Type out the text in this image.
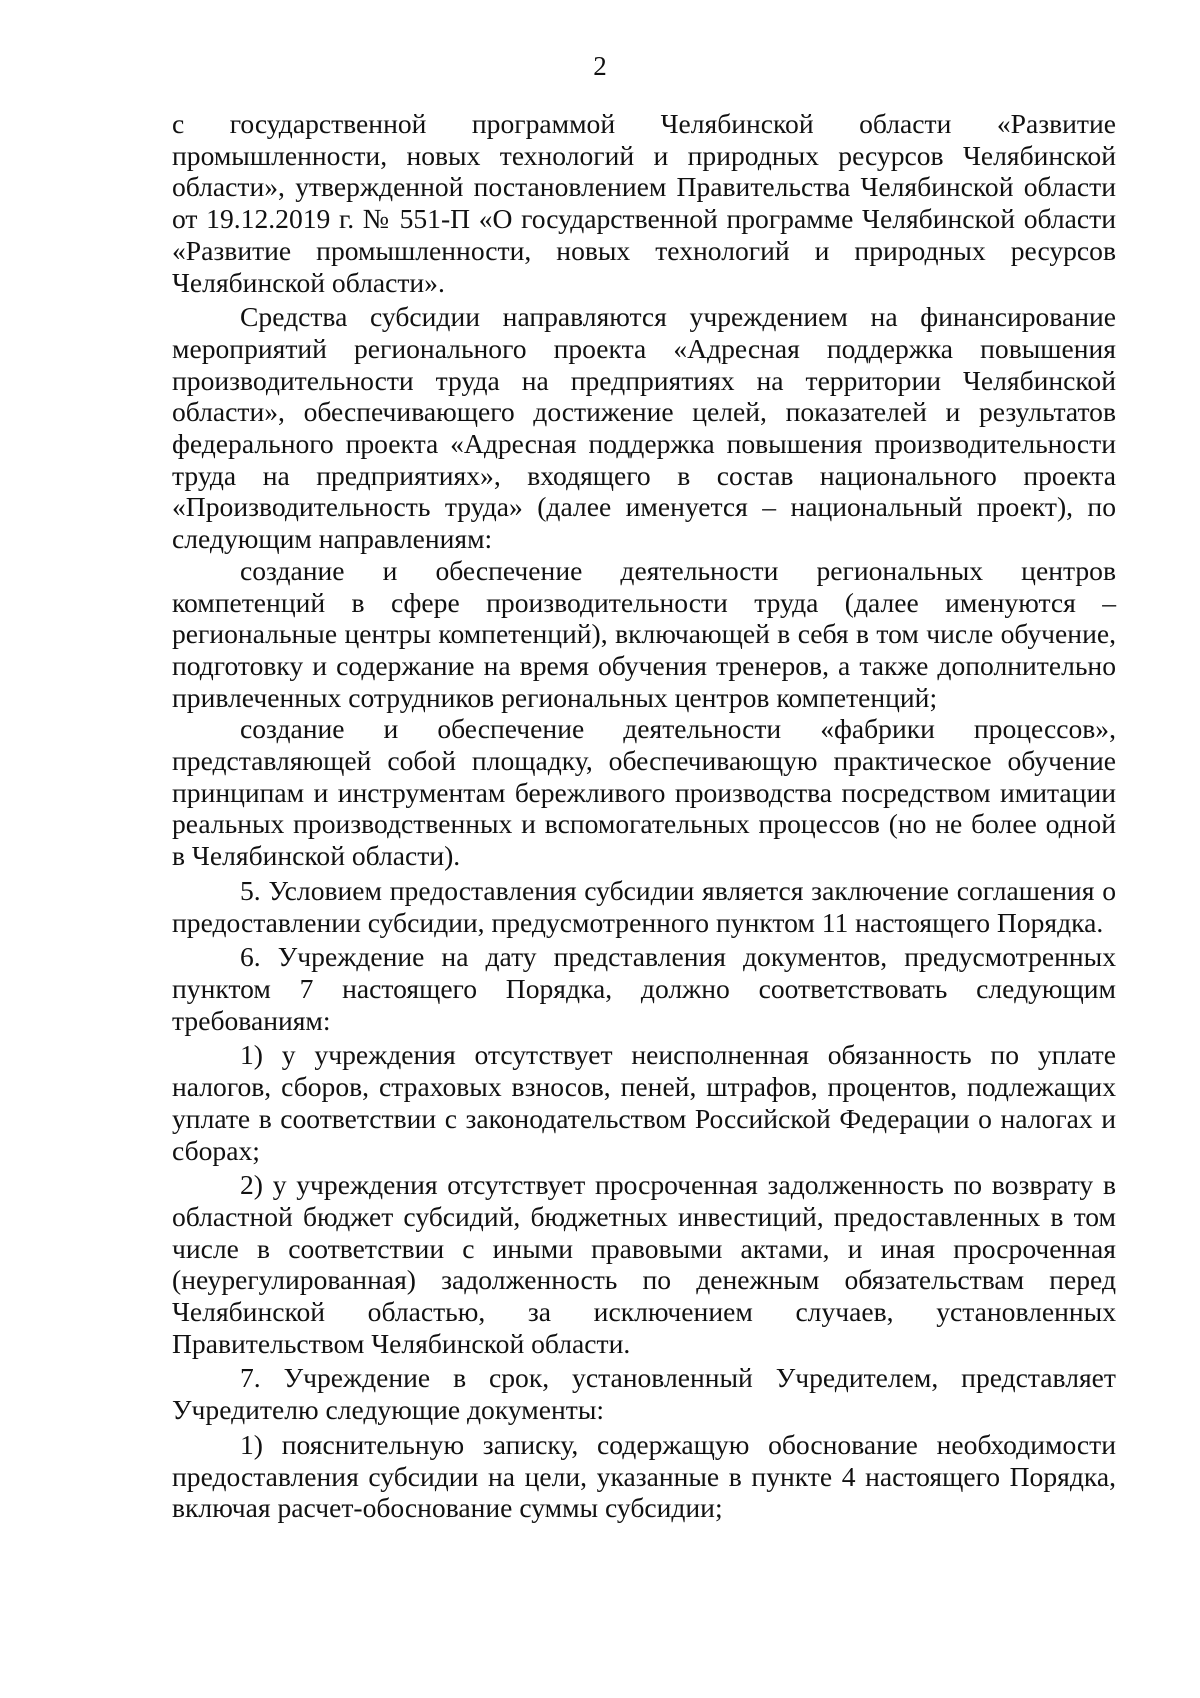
2

с государственной программой Челябинской области «Развитие промышленности, новых технологий и природных ресурсов Челябинской области», утвержденной постановлением Правительства Челябинской области от 19.12.2019 г. № 551-П «О государственной программе Челябинской области «Развитие промышленности, новых технологий и природных ресурсов Челябинской области».

Средства субсидии направляются учреждением на финансирование мероприятий регионального проекта «Адресная поддержка повышения производительности труда на предприятиях на территории Челябинской области», обеспечивающего достижение целей, показателей и результатов федерального проекта «Адресная поддержка повышения производительности труда на предприятиях», входящего в состав национального проекта «Производительность труда» (далее именуется – национальный проект), по следующим направлениям:

создание и обеспечение деятельности региональных центров компетенций в сфере производительности труда (далее именуются – региональные центры компетенций), включающей в себя в том числе обучение, подготовку и содержание на время обучения тренеров, а также дополнительно привлеченных сотрудников региональных центров компетенций;

создание и обеспечение деятельности «фабрики процессов», представляющей собой площадку, обеспечивающую практическое обучение принципам и инструментам бережливого производства посредством имитации реальных производственных и вспомогательных процессов (но не более одной в Челябинской области).

5. Условием предоставления субсидии является заключение соглашения о предоставлении субсидии, предусмотренного пунктом 11 настоящего Порядка.

6. Учреждение на дату представления документов, предусмотренных пунктом 7 настоящего Порядка, должно соответствовать следующим требованиям:

1) у учреждения отсутствует неисполненная обязанность по уплате налогов, сборов, страховых взносов, пеней, штрафов, процентов, подлежащих уплате в соответствии с законодательством Российской Федерации о налогах и сборах;

2) у учреждения отсутствует просроченная задолженность по возврату в областной бюджет субсидий, бюджетных инвестиций, предоставленных в том числе в соответствии с иными правовыми актами, и иная просроченная (неурегулированная) задолженность по денежным обязательствам перед Челябинской областью, за исключением случаев, установленных Правительством Челябинской области.

7. Учреждение в срок, установленный Учредителем, представляет Учредителю следующие документы:

1) пояснительную записку, содержащую обоснование необходимости предоставления субсидии на цели, указанные в пункте 4 настоящего Порядка, включая расчет-обоснование суммы субсидии;
